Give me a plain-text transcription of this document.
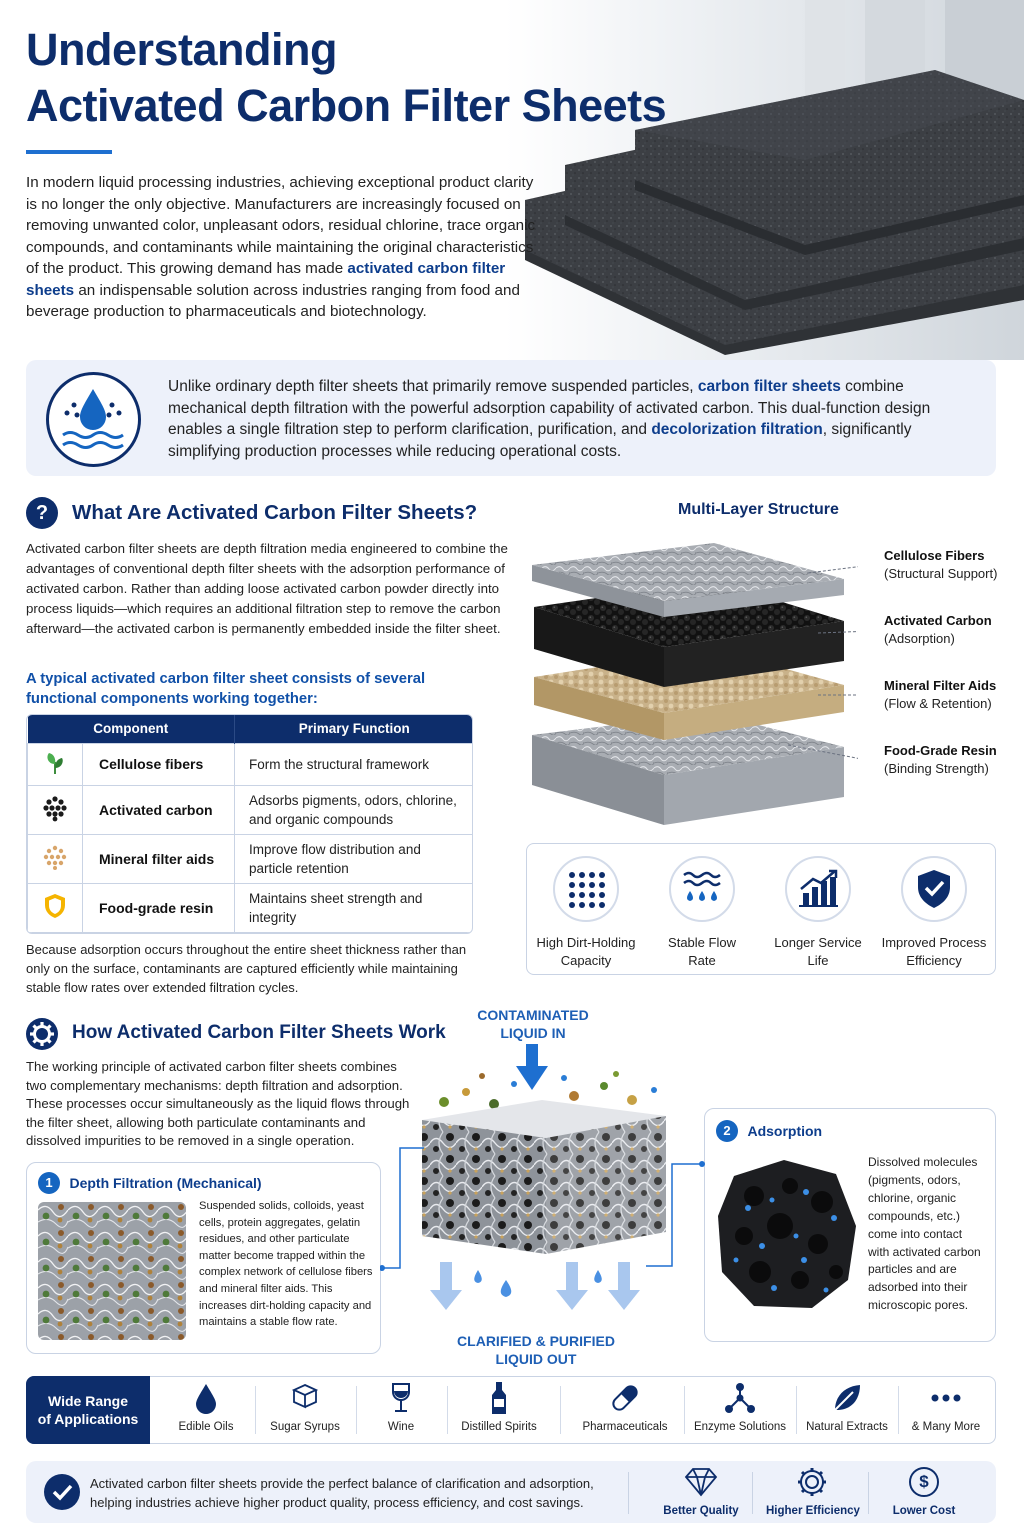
Understanding
Activated Carbon Filter Sheets
In modern liquid processing industries, achieving exceptional product clarity is no longer the only objective. Manufacturers are increasingly focused on removing unwanted color, unpleasant odors, residual chlorine, trace organic compounds, and contaminants while maintaining the original characteristics of the product. This growing demand has made activated carbon filter sheets an indispensable solution across industries ranging from food and beverage production to pharmaceuticals and biotechnology.
Unlike ordinary depth filter sheets that primarily remove suspended particles, carbon filter sheets combine mechanical depth filtration with the powerful adsorption capability of activated carbon. This dual-function design enables a single filtration step to perform clarification, purification, and decolorization filtration, significantly simplifying production processes while reducing operational costs.
?	What Are Activated Carbon Filter Sheets?
Activated carbon filter sheets are depth filtration media engineered to combine the advantages of conventional depth filter sheets with the adsorption performance of activated carbon. Rather than adding loose activated carbon powder directly into process liquids—which requires an additional filtration step to remove the carbon afterward—the activated carbon is permanently embedded inside the filter sheet.
A typical activated carbon filter sheet consists of several functional components working together:
Component		Primary Function
	Cellulose fibers	Form the structural framework
	Activated carbon	Adsorbs pigments, odors, chlorine, and organic compounds
	Mineral filter aids	Improve flow distribution and particle retention
	Food-grade resin	Maintains sheet strength and integrity
Because adsorption occurs throughout the entire sheet thickness rather than only on the surface, contaminants are captured efficiently while maintaining stable flow rates over extended filtration cycles.
Multi-Layer Structure
Cellulose Fibers
(Structural Support)
Activated Carbon
(Adsorption)
Mineral Filter Aids
(Flow & Retention)
Food-Grade Resin
(Binding Strength)
High Dirt-Holding
Capacity
Stable Flow
Rate
Longer Service
Life
Improved Process
Efficiency
How Activated Carbon Filter Sheets Work
The working principle of activated carbon filter sheets combines two complementary mechanisms: depth filtration and adsorption. These processes occur simultaneously as the liquid flows through the filter sheet, allowing both particulate contaminants and dissolved impurities to be removed in a single operation.
CONTAMINATED
LIQUID IN
CLARIFIED & PURIFIED
LIQUID OUT
1 Depth Filtration (Mechanical)
Suspended solids, colloids, yeast cells, protein aggregates, gelatin residues, and other particulate matter become trapped within the complex network of cellulose fibers and mineral filter aids. This increases dirt-holding capacity and maintains a stable flow rate.
2 Adsorption
Dissolved molecules (pigments, odors, chlorine, organic compounds, etc.) come into contact with activated carbon particles and are adsorbed into their microscopic pores.
Wide Range
of Applications	Edible Oils	Sugar Syrups	Wine	Distilled Spirits	Pharmaceuticals	Enzyme Solutions	Natural Extracts	& Many More
Activated carbon filter sheets provide the perfect balance of clarification and adsorption, helping industries achieve higher product quality, process efficiency, and cost savings.
Better Quality Higher Efficiency
$
Lower Cost
